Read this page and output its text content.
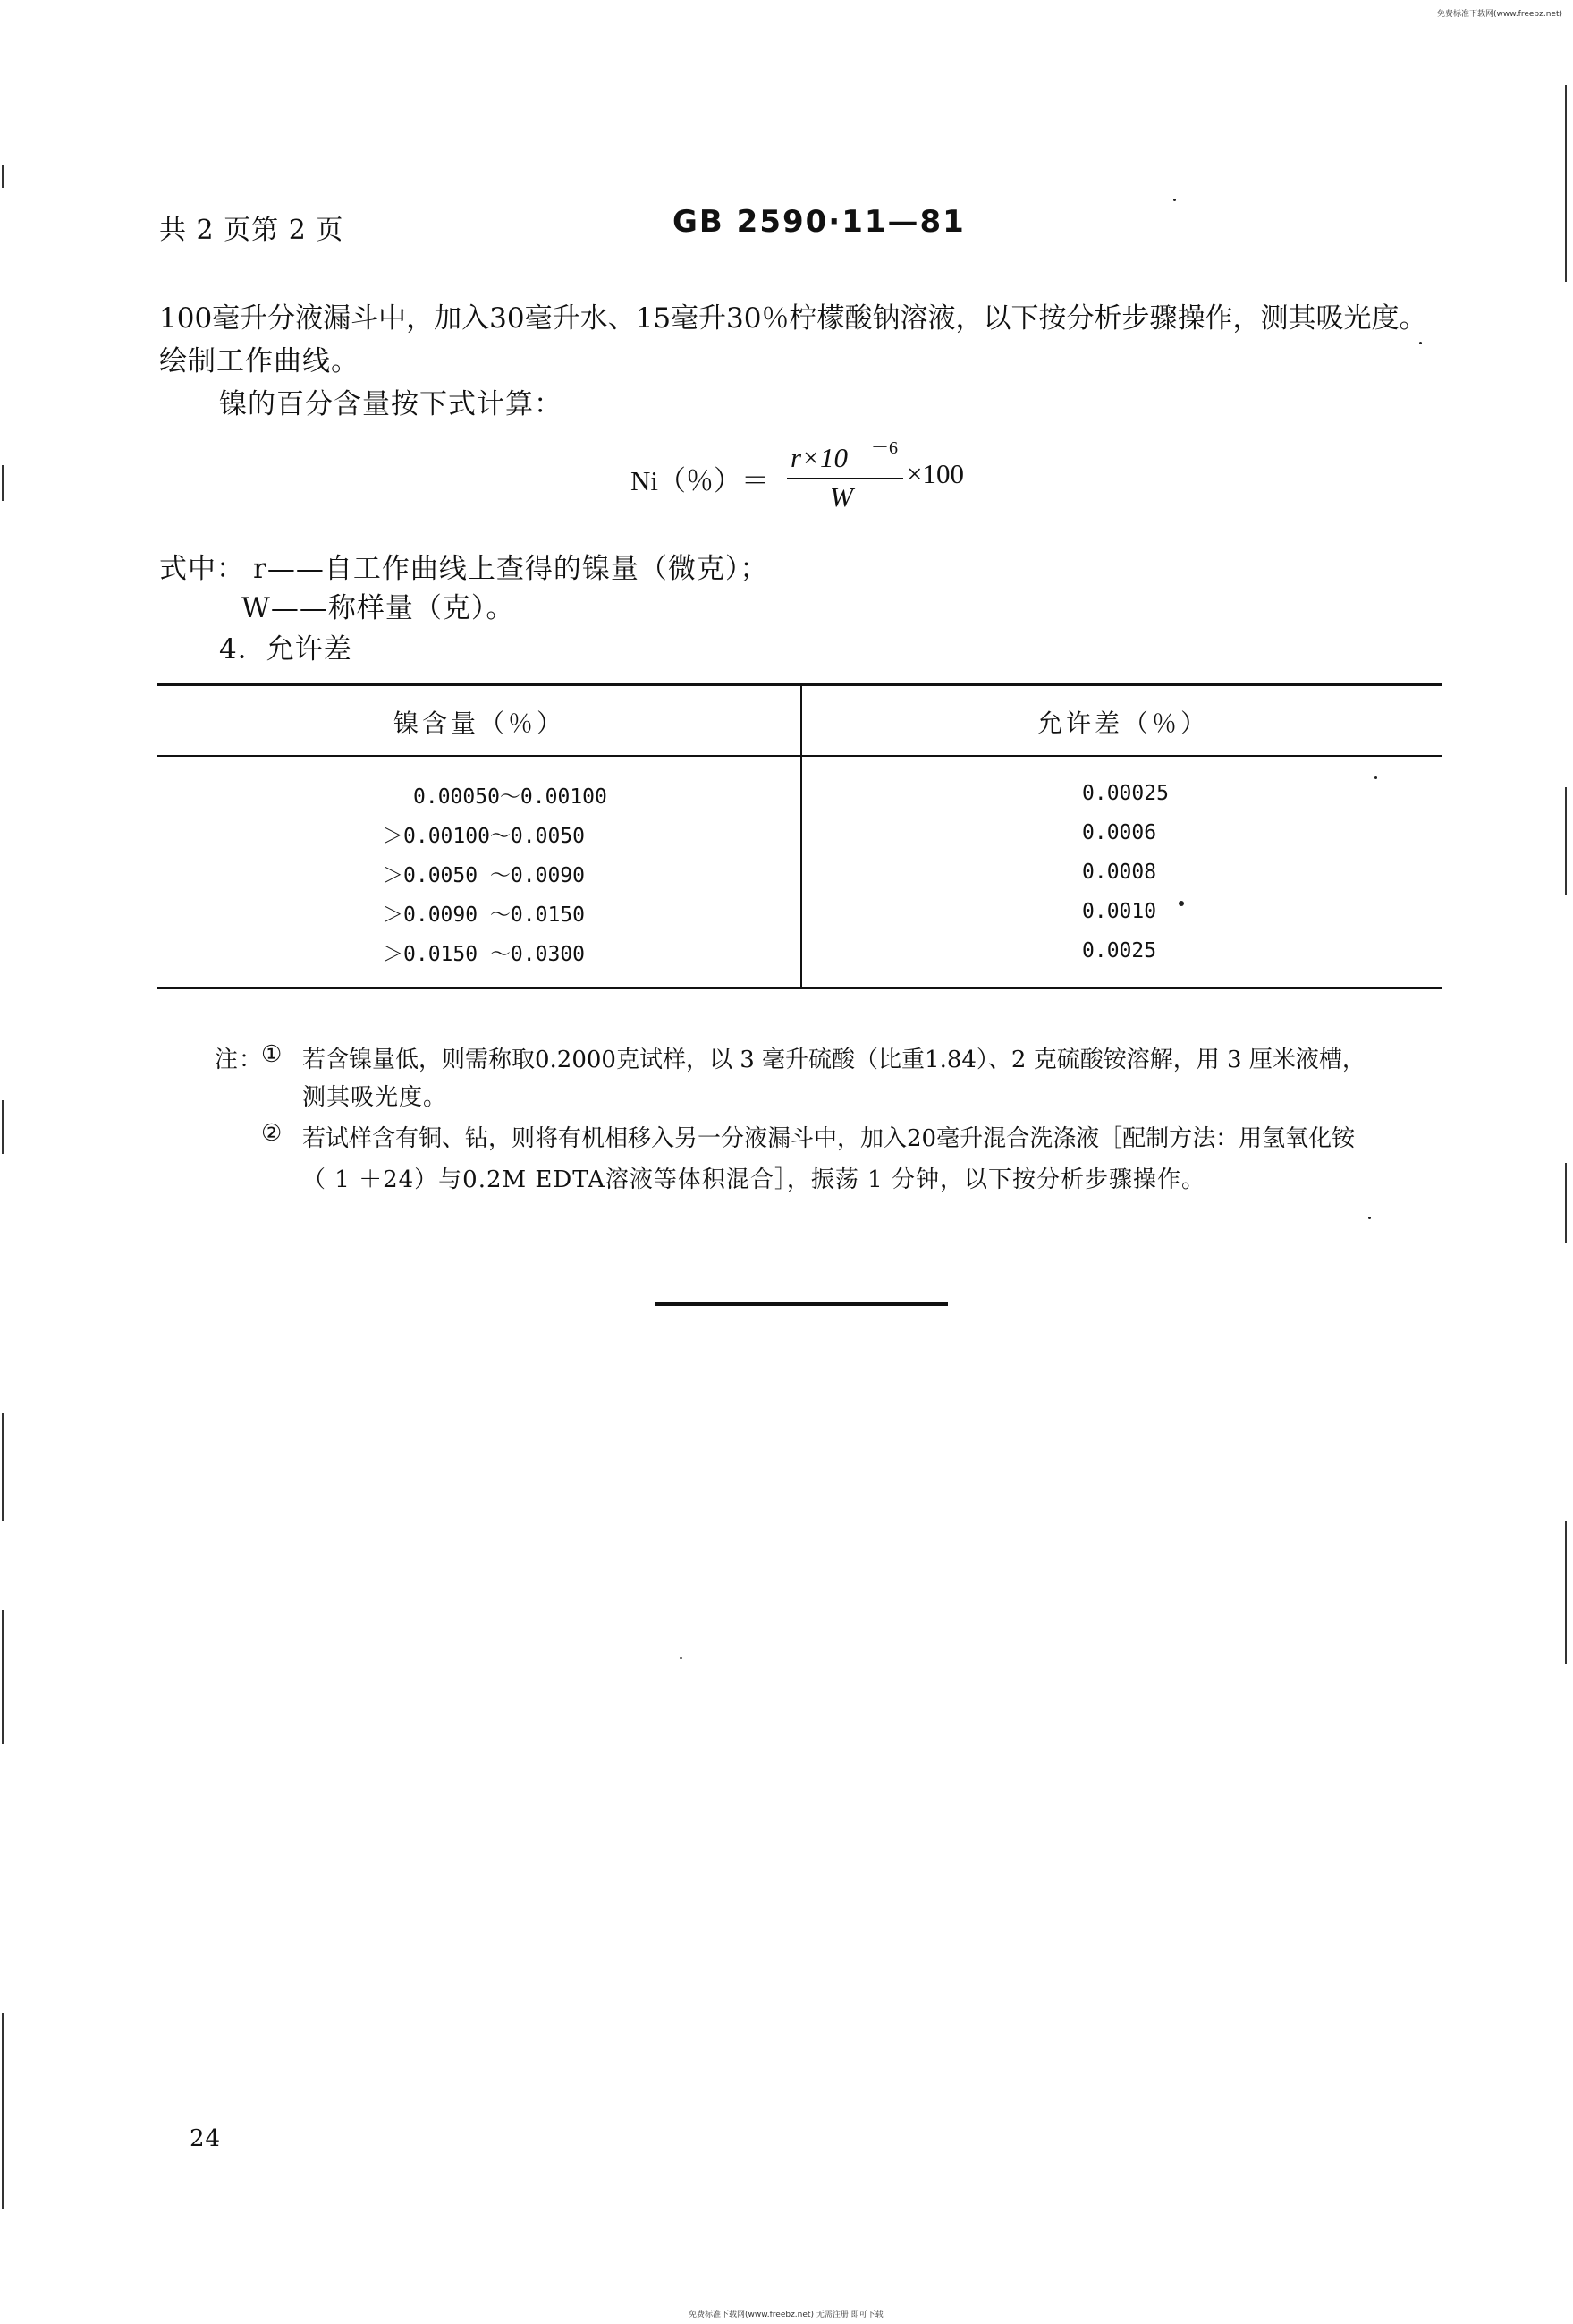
免费标准下载网(www.freebz.net)
共 2 页第 2 页	GB 2590·11—81
100毫升分液漏斗中，加入30毫升水、15毫升30％柠檬酸钠溶液，以下按分析步骤操作，测其吸光度。
绘制工作曲线。
镍的百分含量按下式计算：
Ni（％）＝
r×10 －6
W
×100
式中： r——自工作曲线上查得的镍量（微克）；
W——称样量（克）。
4．允许差
镍含量（％）	允许差（％）
0.00050～0.00100	0.00025
＞0.00100～0.0050	0.0006
＞0.0050 ～0.0090	0.0008
＞0.0090 ～0.0150	0.0010
＞0.0150 ～0.0300	0.0025
注：
① 若含镍量低，则需称取0.2000克试样，以 3 毫升硫酸（比重1.84）、2 克硫酸铵溶解，用 3 厘米液槽，
测其吸光度。
② 若试样含有铜、钴，则将有机相移入另一分液漏斗中，加入20毫升混合洗涤液［配制方法：用氢氧化铵
（ 1 ＋24）与0.2M EDTA溶液等体积混合］，振荡 1 分钟，以下按分析步骤操作。
24
免费标准下载网(www.freebz.net) 无需注册 即可下载
